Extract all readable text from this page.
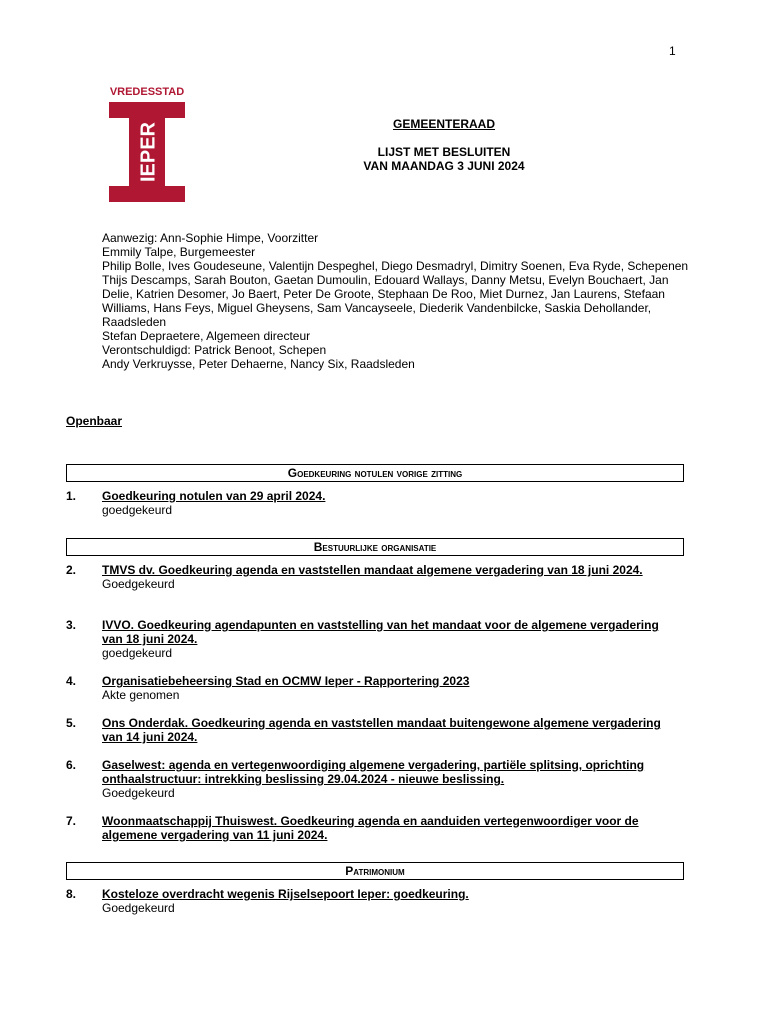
1
VREDESSTAD
IEPER	GEMEENTERAAD
LIJST MET BESLUITEN
VAN MAANDAG 3 JUNI 2024
Aanwezig: Ann-Sophie Himpe, Voorzitter
Emmily Talpe, Burgemeester
Philip Bolle, Ives Goudeseune, Valentijn Despeghel, Diego Desmadryl, Dimitry Soenen, Eva Ryde, Schepenen
Thijs Descamps, Sarah Bouton, Gaetan Dumoulin, Edouard Wallays, Danny Metsu, Evelyn Bouchaert, Jan Delie, Katrien Desomer, Jo Baert, Peter De Groote, Stephaan De Roo, Miet Durnez, Jan Laurens, Stefaan Williams, Hans Feys, Miguel Gheysens, Sam Vancayseele, Diederik Vandenbilcke, Saskia Dehollander, Raadsleden
Stefan Depraetere, Algemeen directeur
Verontschuldigd: Patrick Benoot, Schepen
Andy Verkruysse, Peter Dehaerne, Nancy Six, Raadsleden
Openbaar
Goedkeuring notulen vorige zitting
1. Goedkeuring notulen van 29 april 2024.
goedgekeurd
Bestuurlijke organisatie
2. TMVS dv. Goedkeuring agenda en vaststellen mandaat algemene vergadering van 18 juni 2024.
Goedgekeurd
3. IVVO. Goedkeuring agendapunten en vaststelling van het mandaat voor de algemene vergadering van 18 juni 2024.
goedgekeurd
4. Organisatiebeheersing Stad en OCMW Ieper - Rapportering 2023
Akte genomen
5. Ons Onderdak. Goedkeuring agenda en vaststellen mandaat buitengewone algemene vergadering van 14 juni 2024.
6. Gaselwest: agenda en vertegenwoordiging algemene vergadering, partiële splitsing, oprichting onthaalstructuur: intrekking beslissing 29.04.2024 - nieuwe beslissing.
Goedgekeurd
7. Woonmaatschappij Thuiswest. Goedkeuring agenda en aanduiden vertegenwoordiger voor de algemene vergadering van 11 juni 2024.
Patrimonium
8. Kosteloze overdracht wegenis Rijselsepoort Ieper: goedkeuring.
Goedgekeurd
